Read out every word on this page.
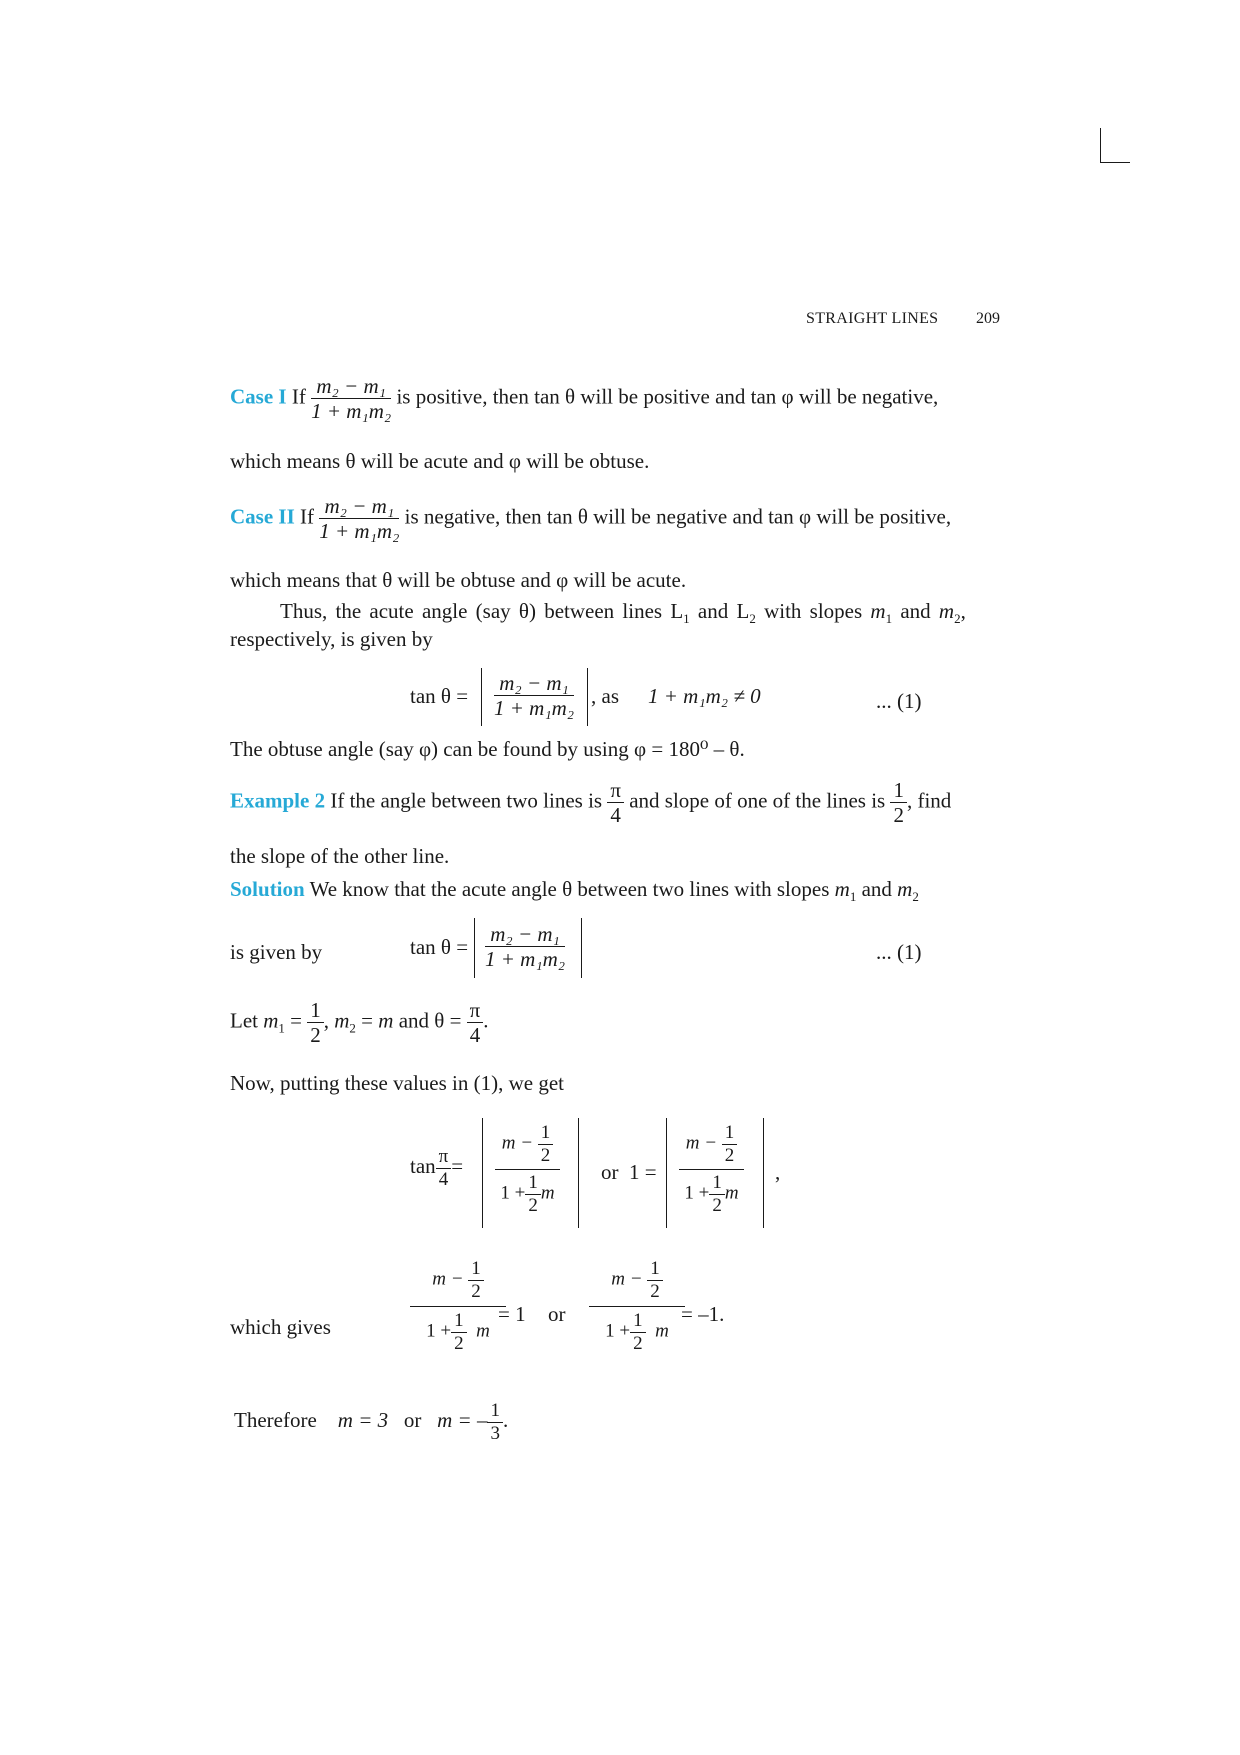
STRAIGHT LINES 209
Case I If $\frac{\text{m₂ − m₁}}{\text{1 + m₁m₂}}$ is positive, then tan θ will be positive and tan φ will be negative,
which means θ will be acute and φ will be obtuse.
Case II If $\frac{\text{m₂ − m₁}}{\text{1 + m₁m₂}}$ is negative, then tan θ will be negative and tan φ will be positive,
which means that θ will be obtuse and φ will be acute.
Thus, the acute angle (say θ) between lines $L_1$ and $L_2$ with slopes $m_1$ and $m_2$,
respectively, is given by
$\tan \theta = \frac{\text{m₂ − m₁}}{\text{1 + m₁m₂}}$ , as 1 + m₁m₂ ≠ 0	... (1)
The obtuse angle (say φ) can be found by using φ = 180⁰ – θ.
Example 2 If the angle between two lines is $\frac{\pi}{4}$ and slope of one of the lines is $\frac{1}{2}$ , find
the slope of the other line.
Solution We know that the acute angle θ between two lines with slopes $m_1$ and $m_2$
is given by	$\tan \theta = \frac{\text{m₂ − m₁}}{\text{1 + m₁m₂}}$	... (1)
Let $m_1 = \frac{1}{2}$ , $m_2 = m$ and $\theta = \frac{\pi}{4}$ .
Now, putting these values in (1), we get
$\tan \frac{\pi}{4}$ =
$m - \frac{1}{2}$
$1 + \frac{1}{2}$ m
or 1 =
$m - \frac{1}{2}$
$1 + \frac{1}{2}$ m
,
which gives
$m - \frac{1}{2}$
$1 + \frac{1}{2}$ m
= 1 or
$m - \frac{1}{2}$
$1 + \frac{1}{2}$ m
= –1.
Therefore m = 3 or m = – $\frac{1}{3}$ .
